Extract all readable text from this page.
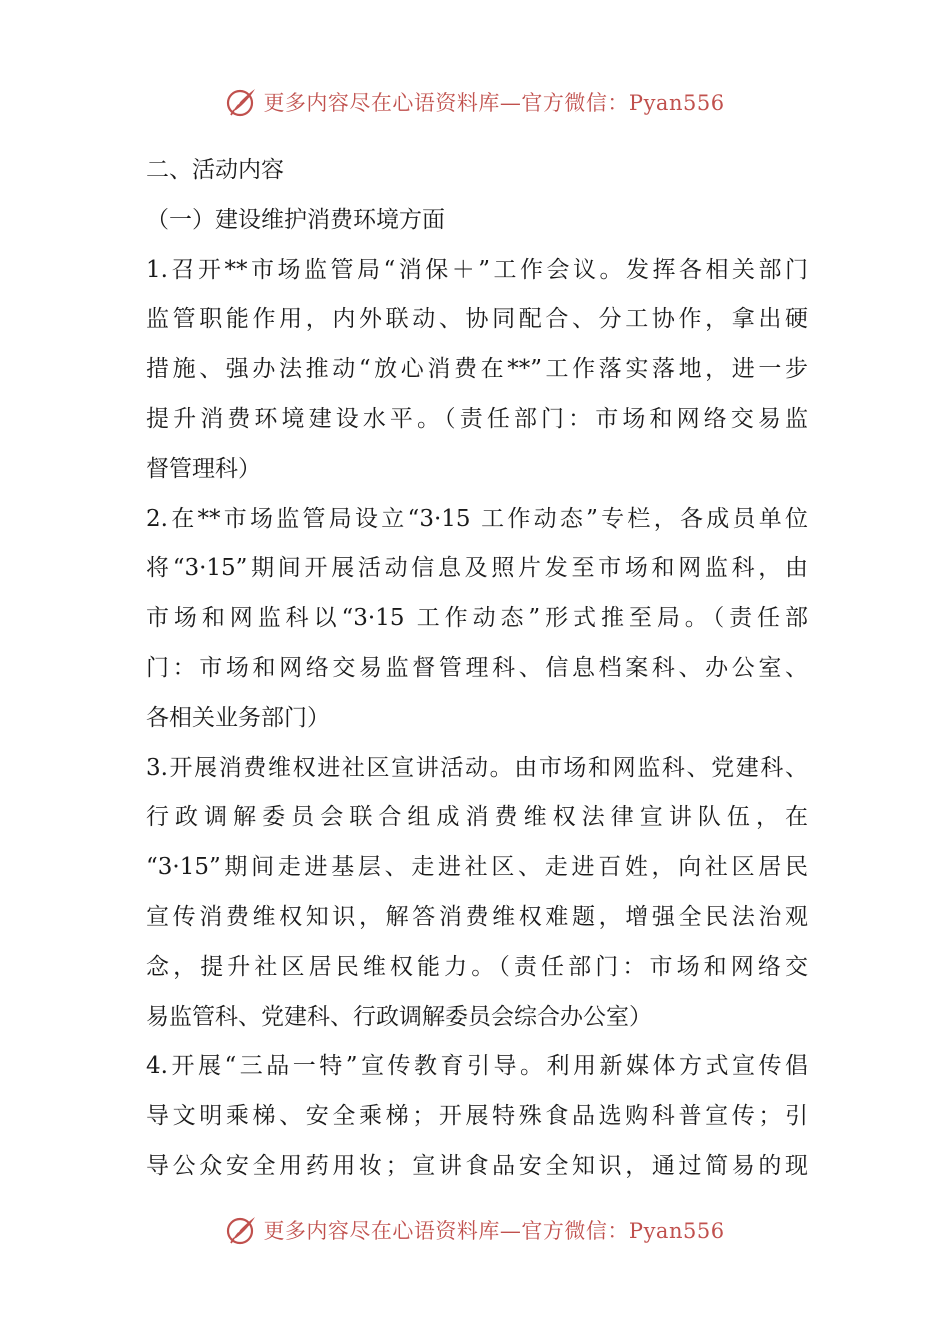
更多内容尽在心语资料库—官方微信：Pyan556
二、活动内容
（一）建设维护消费环境方面
1.召开**市场监管局“消保＋”工作会议。发挥各相关部门
监管职能作用，内外联动、协同配合、分工协作，拿出硬
措施、强办法推动“放心消费在**”工作落实落地，进一步
提升消费环境建设水平。（责任部门：市场和网络交易监
督管理科）
2.在**市场监管局设立“3·15 工作动态”专栏，各成员单位
将“3·15”期间开展活动信息及照片发至市场和网监科，由
市场和网监科以“3·15 工作动态”形式推至局。（责任部
门：市场和网络交易监督管理科、信息档案科、办公室、
各相关业务部门）
3.开展消费维权进社区宣讲活动。由市场和网监科、党建科、
行政调解委员会联合组成消费维权法律宣讲队伍，在
“3·15”期间走进基层、走进社区、走进百姓，向社区居民
宣传消费维权知识，解答消费维权难题，增强全民法治观
念，提升社区居民维权能力。（责任部门：市场和网络交
易监管科、党建科、行政调解委员会综合办公室）
4.开展“三品一特”宣传教育引导。利用新媒体方式宣传倡
导文明乘梯、安全乘梯；开展特殊食品选购科普宣传；引
导公众安全用药用妆；宣讲食品安全知识，通过简易的现
更多内容尽在心语资料库—官方微信：Pyan556
